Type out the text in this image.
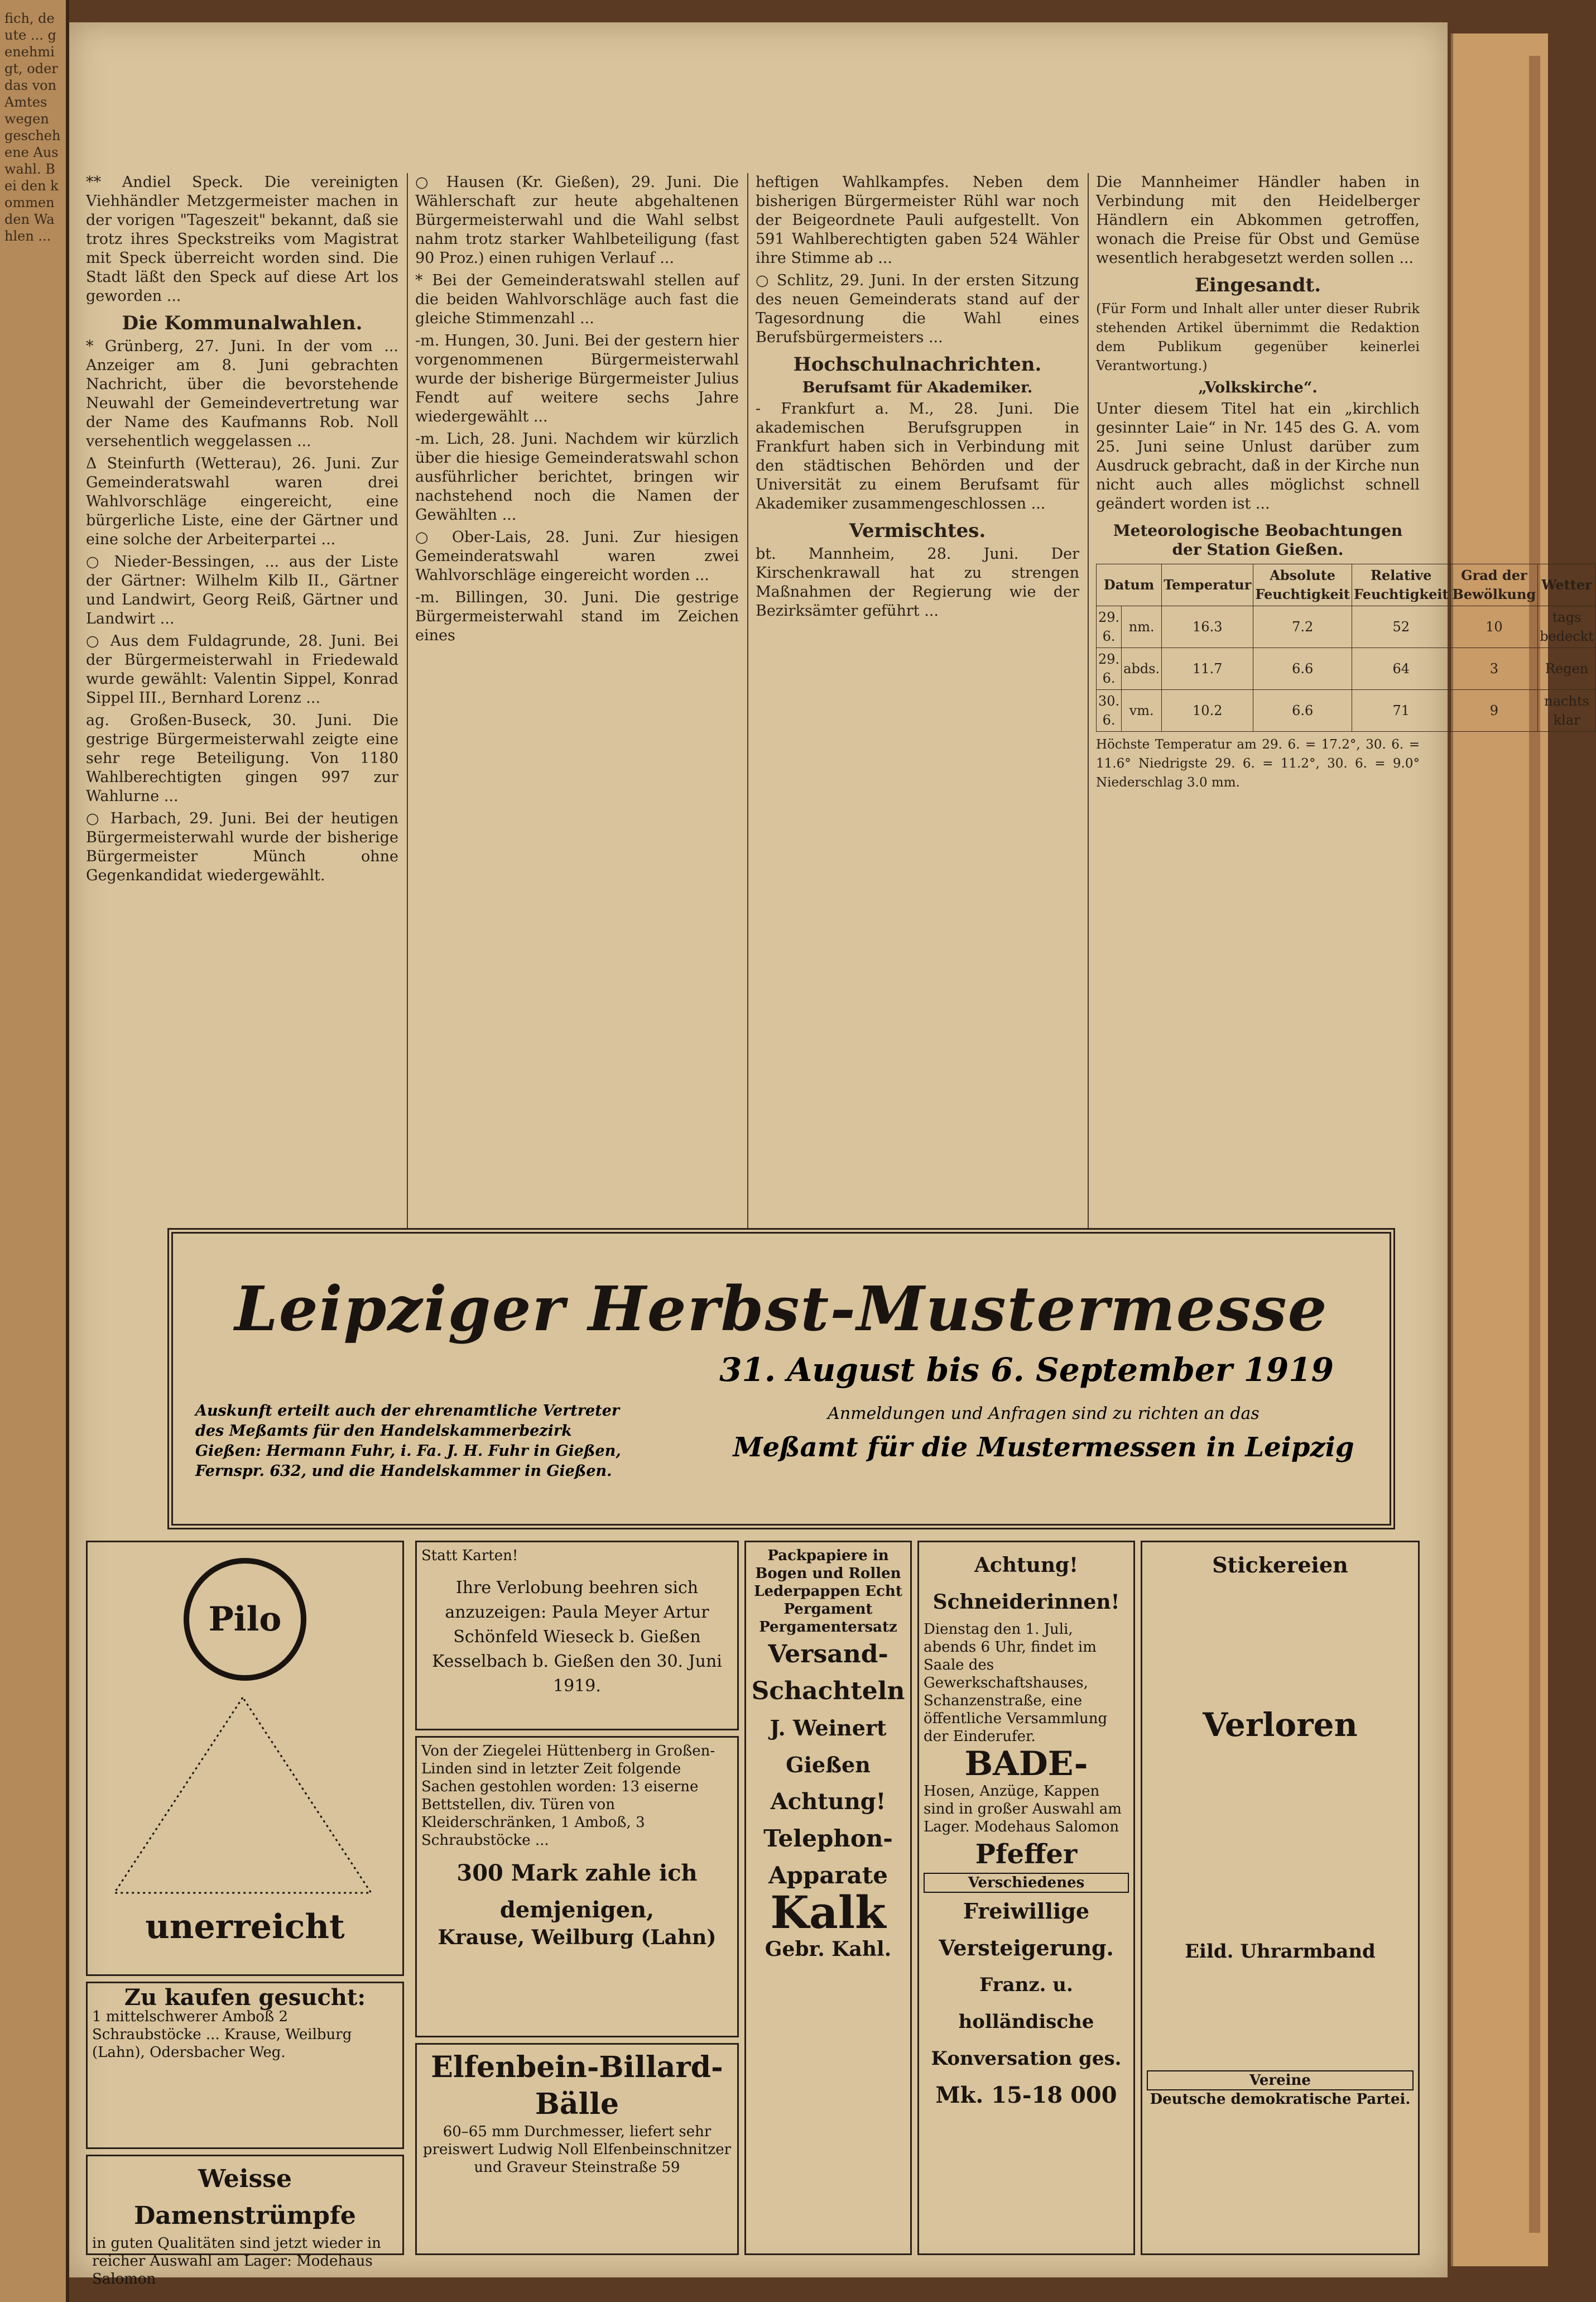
fich, deute ... genehmigt, oder das von Amtes wegen geschehene Auswahl. Bei den kommenden Wahlen ...

** Andiel Speck. Die vereinigten Viehhändler Metzgermeister machen in der vorigen "Tageszeit" bekannt, daß sie trotz ihres Speckstreiks vom Magistrat mit Speck überreicht worden sind. Die Stadt läßt den Speck auf diese Art los geworden ...

Die Kommunalwahlen.

* Grünberg, 27. Juni. In der vom ... Anzeiger am 8. Juni gebrachten Nachricht, über die bevorstehende Neuwahl der Gemeindevertretung war der Name des Kaufmanns Rob. Noll versehentlich weggelassen ...

Δ Steinfurth (Wetterau), 26. Juni. Zur Gemeinderatswahl waren drei Wahlvorschläge eingereicht, eine bürgerliche Liste, eine der Gärtner und eine solche der Arbeiterpartei ...

○ Nieder-Bessingen, ... aus der Liste der Gärtner: Wilhelm Kilb II., Gärtner und Landwirt, Georg Reiß, Gärtner und Landwirt ...

○ Aus dem Fuldagrunde, 28. Juni. Bei der Bürgermeisterwahl in Friedewald wurde gewählt: Valentin Sippel, Konrad Sippel III., Bernhard Lorenz ...

ag. Großen-Buseck, 30. Juni. Die gestrige Bürgermeisterwahl zeigte eine sehr rege Beteiligung. Von 1180 Wahlberechtigten gingen 997 zur Wahlurne ...

○ Harbach, 29. Juni. Bei der heutigen Bürgermeisterwahl wurde der bisherige Bürgermeister Münch ohne Gegenkandidat wiedergewählt.

○ Hausen (Kr. Gießen), 29. Juni. Die Wählerschaft zur heute abgehaltenen Bürgermeisterwahl und die Wahl selbst nahm trotz starker Wahlbeteiligung (fast 90 Proz.) einen ruhigen Verlauf ...

* Bei der Gemeinderatswahl stellen auf die beiden Wahlvorschläge auch fast die gleiche Stimmenzahl ...

-m. Hungen, 30. Juni. Bei der gestern hier vorgenommenen Bürgermeisterwahl wurde der bisherige Bürgermeister Julius Fendt auf weitere sechs Jahre wiedergewählt ...

-m. Lich, 28. Juni. Nachdem wir kürzlich über die hiesige Gemeinderatswahl schon ausführlicher berichtet, bringen wir nachstehend noch die Namen der Gewählten ...

○ Ober-Lais, 28. Juni. Zur hiesigen Gemeinderatswahl waren zwei Wahlvorschläge eingereicht worden ...

-m. Billingen, 30. Juni. Die gestrige Bürgermeisterwahl stand im Zeichen eines

heftigen Wahlkampfes. Neben dem bisherigen Bürgermeister Rühl war noch der Beigeordnete Pauli aufgestellt. Von 591 Wahlberechtigten gaben 524 Wähler ihre Stimme ab ...

○ Schlitz, 29. Juni. In der ersten Sitzung des neuen Gemeinderats stand auf der Tagesordnung die Wahl eines Berufsbürgermeisters ...

Hochschulnachrichten.
Berufsamt für Akademiker.

- Frankfurt a. M., 28. Juni. Die akademischen Berufsgruppen in Frankfurt haben sich in Verbindung mit den städtischen Behörden und der Universität zu einem Berufsamt für Akademiker zusammengeschlossen ...

Vermischtes.

bt. Mannheim, 28. Juni. Der Kirschenkrawall hat zu strengen Maßnahmen der Regierung wie der Bezirksämter geführt ...

Die Mannheimer Händler haben in Verbindung mit den Heidelberger Händlern ein Abkommen getroffen, wonach die Preise für Obst und Gemüse wesentlich herabgesetzt werden sollen ...

Eingesandt.

(Für Form und Inhalt aller unter dieser Rubrik stehenden Artikel übernimmt die Redaktion dem Publikum gegenüber keinerlei Verantwortung.)

„Volkskirche“.

Unter diesem Titel hat ein „kirchlich gesinnter Laie“ in Nr. 145 des G. A. vom 25. Juni seine Unlust darüber zum Ausdruck gebracht, daß in der Kirche nun nicht auch alles möglichst schnell geändert worden ist ...

Meteorologische Beobachtungen der Station Gießen.
Datum		Temperatur	Absolute Feuchtigkeit	Relative Feuchtigkeit	Grad der Bewölkung	Wetter
29. 6.	nm.	16.3	7.2	52	10	tags bedeckt
29. 6.	abds.	11.7	6.6	64	3	Regen
30. 6.	vm.	10.2	6.6	71	9	nachts klar

Höchste Temperatur am 29. 6. = 17.2°, 30. 6. = 11.6° Niedrigste 29. 6. = 11.2°, 30. 6. = 9.0° Niederschlag 3.0 mm.

Leipziger Herbst-Mustermesse
31. August bis 6. September 1919
Auskunft erteilt auch der ehrenamtliche Vertreter des Meßamts für den Handelskammerbezirk Gießen: Hermann Fuhr, i. Fa. J. H. Fuhr in Gießen, Fernspr. 632, und die Handelskammer in Gießen.
Anmeldungen und Anfragen sind zu richten an das
Meßamt für die Mustermessen in Leipzig
Pilo
unerreicht
Zu kaufen gesucht:
1 mittelschwerer Amboß 2 Schraubstöcke ... Krause, Weilburg (Lahn), Odersbacher Weg.
Weisse Damenstrümpfe
in guten Qualitäten sind jetzt wieder in reicher Auswahl am Lager: Modehaus Salomon
Statt Karten!
Ihre Verlobung beehren sich anzuzeigen: Paula Meyer Artur Schönfeld Wieseck b. Gießen Kesselbach b. Gießen den 30. Juni 1919.
Von der Ziegelei Hüttenberg in Großen-Linden sind in letzter Zeit folgende Sachen gestohlen worden: 13 eiserne Bettstellen, div. Türen von Kleiderschränken, 1 Amboß, 3 Schraubstöcke ...
300 Mark zahle ich demjenigen,
Krause, Weilburg (Lahn)
Elfenbein-Billard-Bälle
60–65 mm Durchmesser, liefert sehr preiswert Ludwig Noll Elfenbeinschnitzer und Graveur Steinstraße 59
Packpapiere in Bogen und Rollen Lederpappen Echt Pergament Pergamentersatz
Versand-Schachteln
J. Weinert Gießen
Achtung!
Telephon-Apparate
Kalk
Gebr. Kahl.
Achtung! Schneiderinnen!
Dienstag den 1. Juli, abends 6 Uhr, findet im Saale des Gewerkschaftshauses, Schanzenstraße, eine öffentliche Versammlung der Einderufer.
BADE-
Hosen, Anzüge, Kappen sind in großer Auswahl am Lager. Modehaus Salomon
Pfeffer
Verschiedenes
Freiwillige Versteigerung.
Franz. u. holländische Konversation ges.
Mk. 15-18 000
Stickereien
Verloren
Eild. Uhrarmband
Vereine
Deutsche demokratische Partei.
